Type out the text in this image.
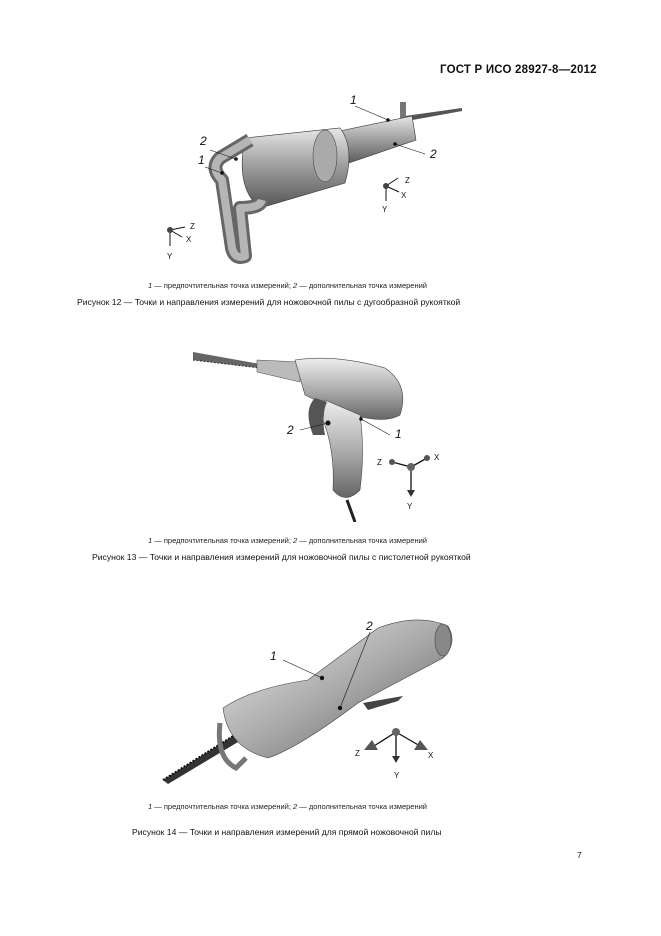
ГОСТ Р ИСО 28927-8—2012
1
2
1
2
Z
X
Y
Z
X
Y
1 — предпочтительная точка измерений; 2 — дополнительная точка измерений
Рисунок 12 — Точки и направления измерений для ножовочной пилы с дугообразной рукояткой
2	1
Z
X
Y
1 — предпочтительная точка измерений; 2 — дополнительная точка измерений
Рисунок 13 — Точки и направления измерений для ножовочной пилы с пистолетной рукояткой
1
2
Z	X
Y
1 — предпочтительная точка измерений; 2 — дополнительная точка измерений
Рисунок 14 — Точки и направления измерений для прямой ножовочной пилы
7
